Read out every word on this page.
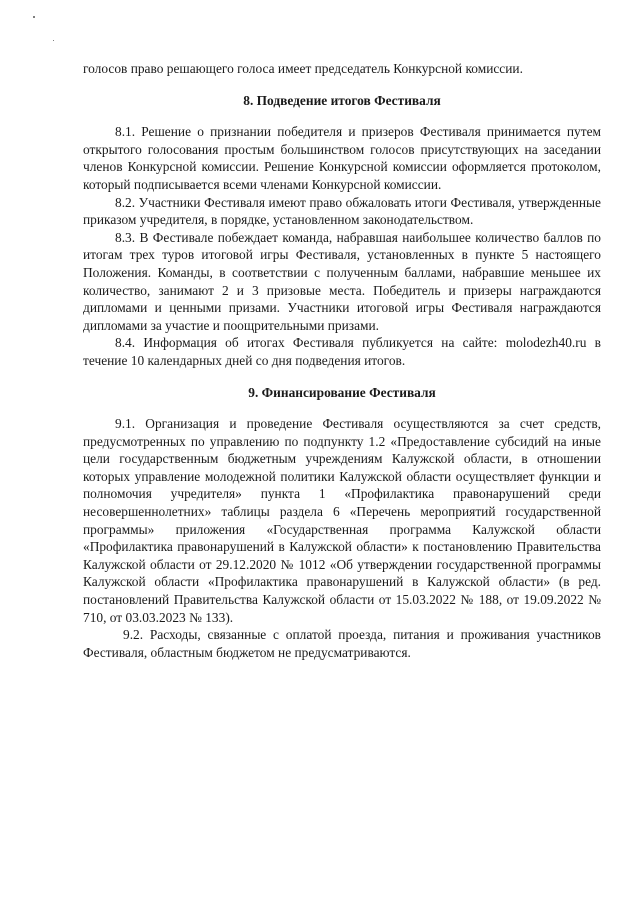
голосов право решающего голоса имеет председатель Конкурсной комиссии.

8. Подведение итогов Фестиваля

8.1. Решение о признании победителя и призеров Фестиваля принимается путем открытого голосования простым большинством голосов присутствующих на заседании членов Конкурсной комиссии. Решение Конкурсной комиссии оформляется протоколом, который подписывается всеми членами Конкурсной комиссии.

8.2. Участники Фестиваля имеют право обжаловать итоги Фестиваля, утвержденные приказом учредителя, в порядке, установленном законодательством.

8.3. В Фестивале побеждает команда, набравшая наибольшее количество баллов по итогам трех туров итоговой игры Фестиваля, установленных в пункте 5 настоящего Положения. Команды, в соответствии с полученным баллами, набравшие меньшее их количество, занимают 2 и 3 призовые места. Победитель и призеры награждаются дипломами и ценными призами. Участники итоговой игры Фестиваля награждаются дипломами за участие и поощрительными призами.

8.4. Информация об итогах Фестиваля публикуется на сайте: molodezh40.ru в течение 10 календарных дней со дня подведения итогов.

9. Финансирование Фестиваля

9.1. Организация и проведение Фестиваля осуществляются за счет средств, предусмотренных по управлению по подпункту 1.2 «Предоставление субсидий на иные цели государственным бюджетным учреждениям Калужской области, в отношении которых управление молодежной политики Калужской области осуществляет функции и полномочия учредителя» пункта 1 «Профилактика правонарушений среди несовершеннолетних» таблицы раздела 6 «Перечень мероприятий государственной программы» приложения «Государственная программа Калужской области «Профилактика правонарушений в Калужской области» к постановлению Правительства Калужской области от 29.12.2020 № 1012 «Об утверждении государственной программы Калужской области «Профилактика правонарушений в Калужской области» (в ред. постановлений Правительства Калужской области от 15.03.2022 № 188, от 19.09.2022 № 710, от 03.03.2023 № 133).

9.2. Расходы, связанные с оплатой проезда, питания и проживания участников Фестиваля, областным бюджетом не предусматриваются.
